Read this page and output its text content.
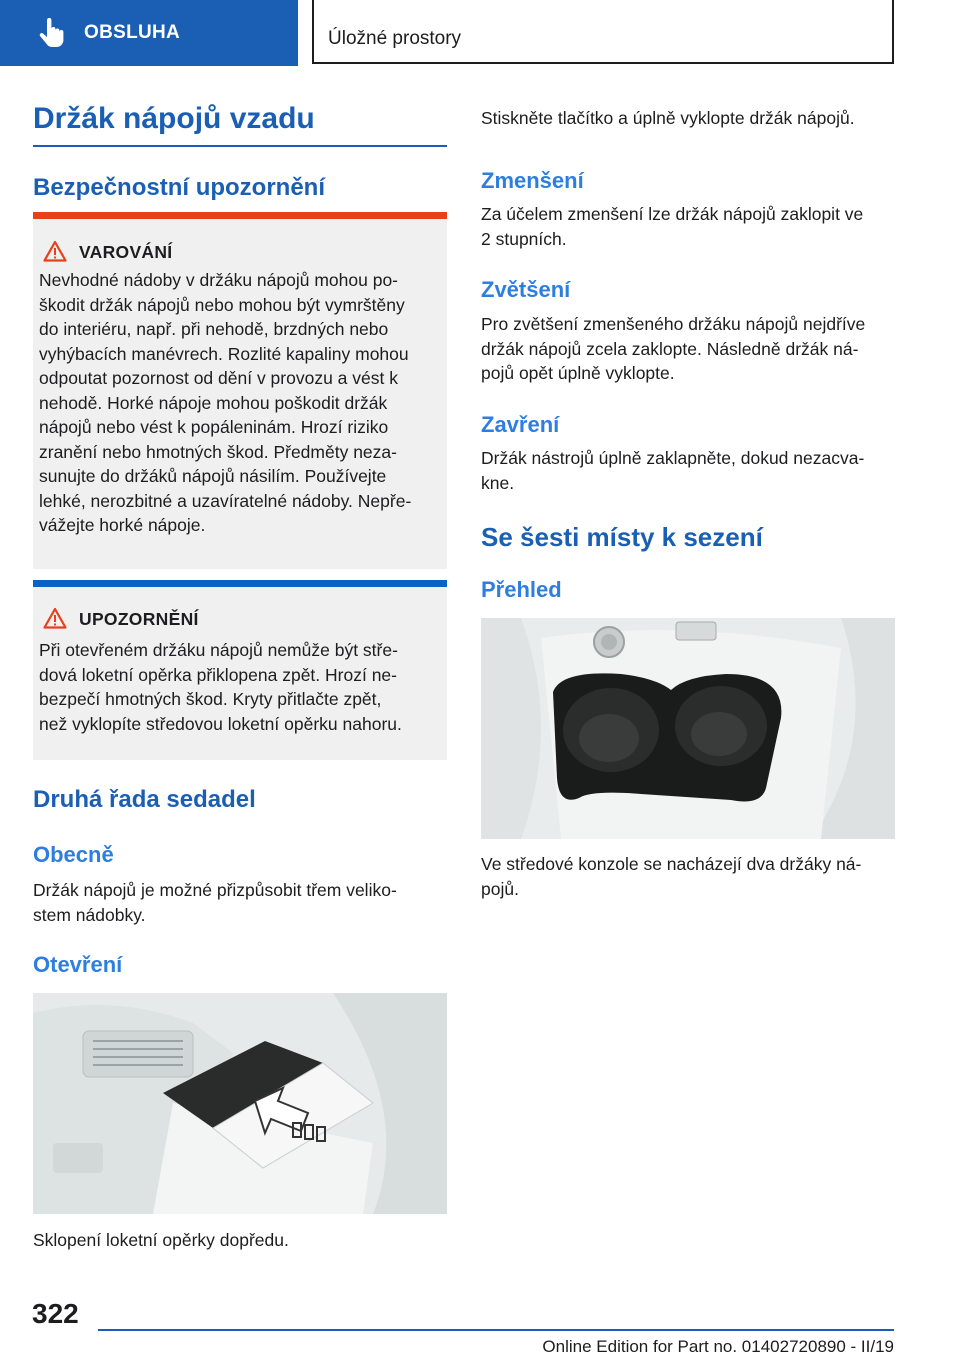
OBSLUHA	Úložné prostory
Držák nápojů vzadu
Bezpečnostní upozornění
VAROVÁNÍ
Nevhodné nádoby v držáku nápojů mohou po-
škodit držák nápojů nebo mohou být vymrštěny
do interiéru, např. při nehodě, brzdných nebo
vyhýbacích manévrech. Rozlité kapaliny mohou
odpoutat pozornost od dění v provozu a vést k
nehodě. Horké nápoje mohou poškodit držák
nápojů nebo vést k popáleninám. Hrozí riziko
zranění nebo hmotných škod. Předměty neza-
sunujte do držáků nápojů násilím. Používejte
lehké, nerozbitné a uzavíratelné nádoby. Nepře-
vážejte horké nápoje.
UPOZORNĚNÍ
Při otevřeném držáku nápojů nemůže být stře-
dová loketní opěrka přiklopena zpět. Hrozí ne-
bezpečí hmotných škod. Kryty přitlačte zpět,
než vyklopíte středovou loketní opěrku nahoru.
Druhá řada sedadel
Obecně
Držák nápojů je možné přizpůsobit třem veliko-
stem nádobky.
Otevření
Sklopení loketní opěrky dopředu.
Stiskněte tlačítko a úplně vyklopte držák nápojů.
Zmenšení
Za účelem zmenšení lze držák nápojů zaklopit ve
2 stupních.
Zvětšení
Pro zvětšení zmenšeného držáku nápojů nejdříve
držák nápojů zcela zaklopte. Následně držák ná-
pojů opět úplně vyklopte.
Zavření
Držák nástrojů úplně zaklapněte, dokud nezacva-
kne.
Se šesti místy k sezení
Přehled
Ve středové konzole se nacházejí dva držáky ná-
pojů.
322
Online Edition for Part no. 01402720890 - II/19
